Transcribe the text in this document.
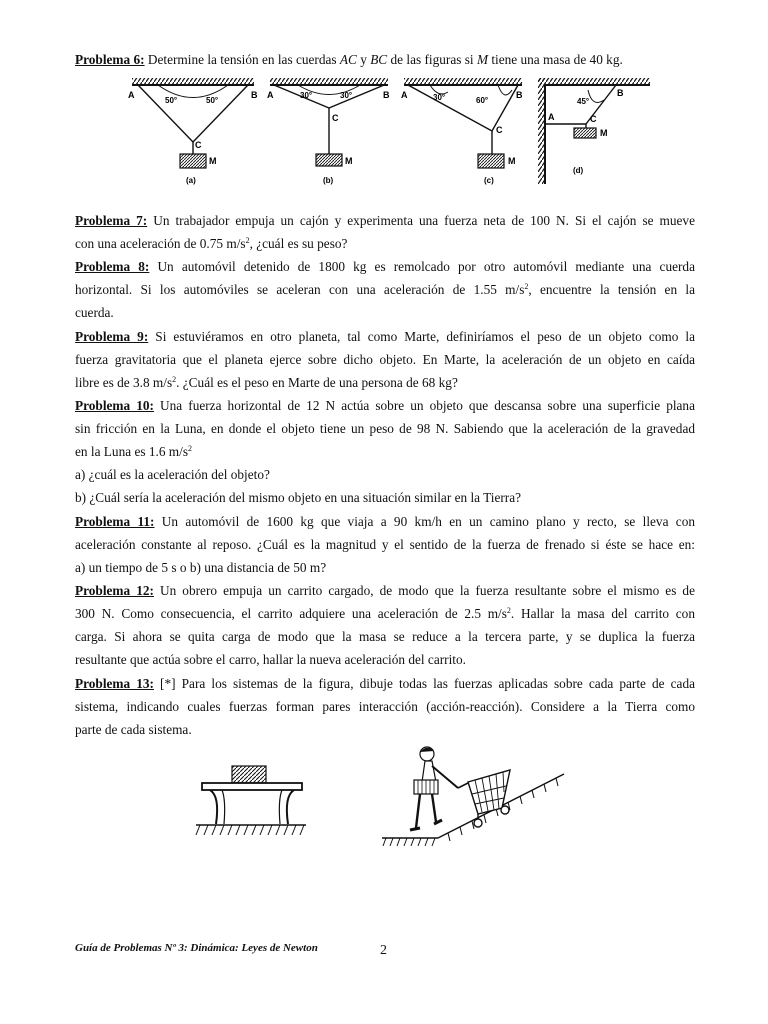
Problema 6: Determine la tensión en las cuerdas AC y BC de las figuras si M tiene una masa de 40 kg.
A	B
C
M
50°	50°
(a)
A	B
C
M
30°	30°
(b)
A	B
C
M
30°	60°
(c)
A
B
C
M
45°
(d)
Problema 7: Un trabajador empuja un cajón y experimenta una fuerza neta de 100 N. Si el cajón se mueve
con una aceleración de 0.75 $m/s^2$, ¿cuál es su peso?
Problema 8: Un automóvil detenido de 1800 kg es remolcado por otro automóvil mediante una cuerda
horizontal. Si los automóviles se aceleran con una aceleración de 1.55 $m/s^2$, encuentre la tensión en la
cuerda.
Problema 9: Si estuviéramos en otro planeta, tal como Marte, definiríamos el peso de un objeto como la
fuerza gravitatoria que el planeta ejerce sobre dicho objeto. En Marte, la aceleración de un objeto en caída
libre es de 3.8 $m/s^2$. ¿Cuál es el peso en Marte de una persona de 68 kg?
Problema 10: Una fuerza horizontal de 12 N actúa sobre un objeto que descansa sobre una superficie plana
sin fricción en la Luna, en donde el objeto tiene un peso de 98 N. Sabiendo que la aceleración de la gravedad
en la Luna es 1.6 $m/s^2$
a) ¿cuál es la aceleración del objeto?
b) ¿Cuál sería la aceleración del mismo objeto en una situación similar en la Tierra?
Problema 11: Un automóvil de 1600 kg que viaja a 90 km/h en un camino plano y recto, se lleva con
aceleración constante al reposo. ¿Cuál es la magnitud y el sentido de la fuerza de frenado si éste se hace en:
a) un tiempo de 5 s o b) una distancia de 50 m?
Problema 12: Un obrero empuja un carrito cargado, de modo que la fuerza resultante sobre el mismo es de
300 N. Como consecuencia, el carrito adquiere una aceleración de 2.5 $m/s^2$. Hallar la masa del carrito con
carga. Si ahora se quita carga de modo que la masa se reduce a la tercera parte, y se duplica la fuerza
resultante que actúa sobre el carro, hallar la nueva aceleración del carrito.
Problema 13: [*] Para los sistemas de la figura, dibuje todas las fuerzas aplicadas sobre cada parte de cada
sistema, indicando cuales fuerzas forman pares interacción (acción-reacción). Considere a la Tierra como
parte de cada sistema.
Guía de Problemas Nº 3: Dinámica: Leyes de Newton	2
